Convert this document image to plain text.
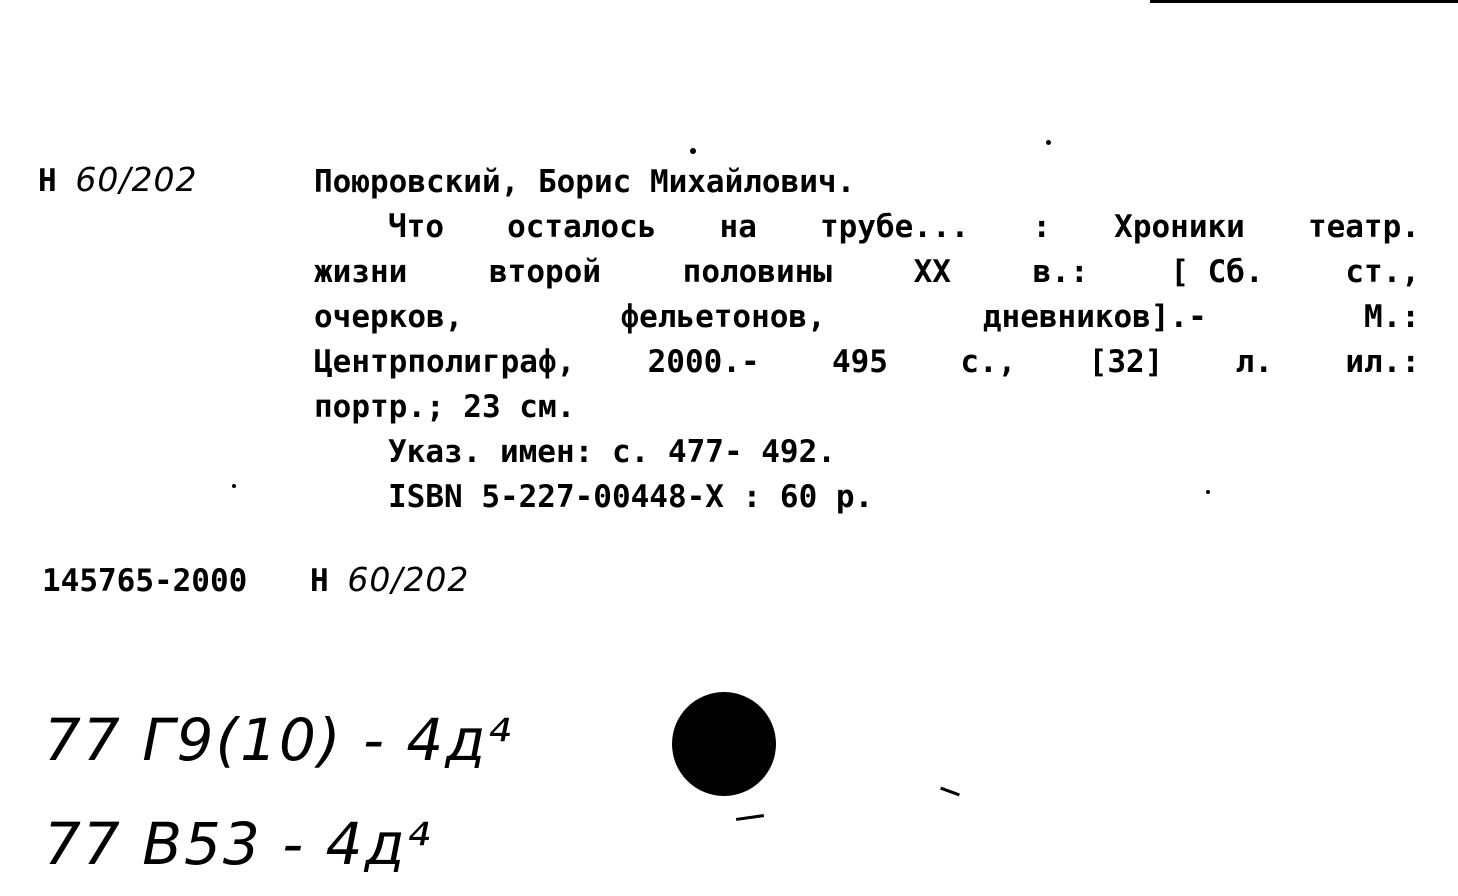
Н 60/202	Поюровский, Борис Михайлович.
Что осталось на трубе... : Хроники театр.
жизни	второй	половины	XX	в.:	[ Сб.	ст.,
очерков,	фельетонов,	дневников].-	М.:
Центрполиграф, 2000.- 495 с., [32] л. ил.:
портр.; 23 см.
Указ. имен: с. 477- 492.
ISBN 5-227-00448-X : 60 р.
145765-2000 Н 60/202
77 Г9(10) - 4д⁴
77 В53 - 4д⁴
